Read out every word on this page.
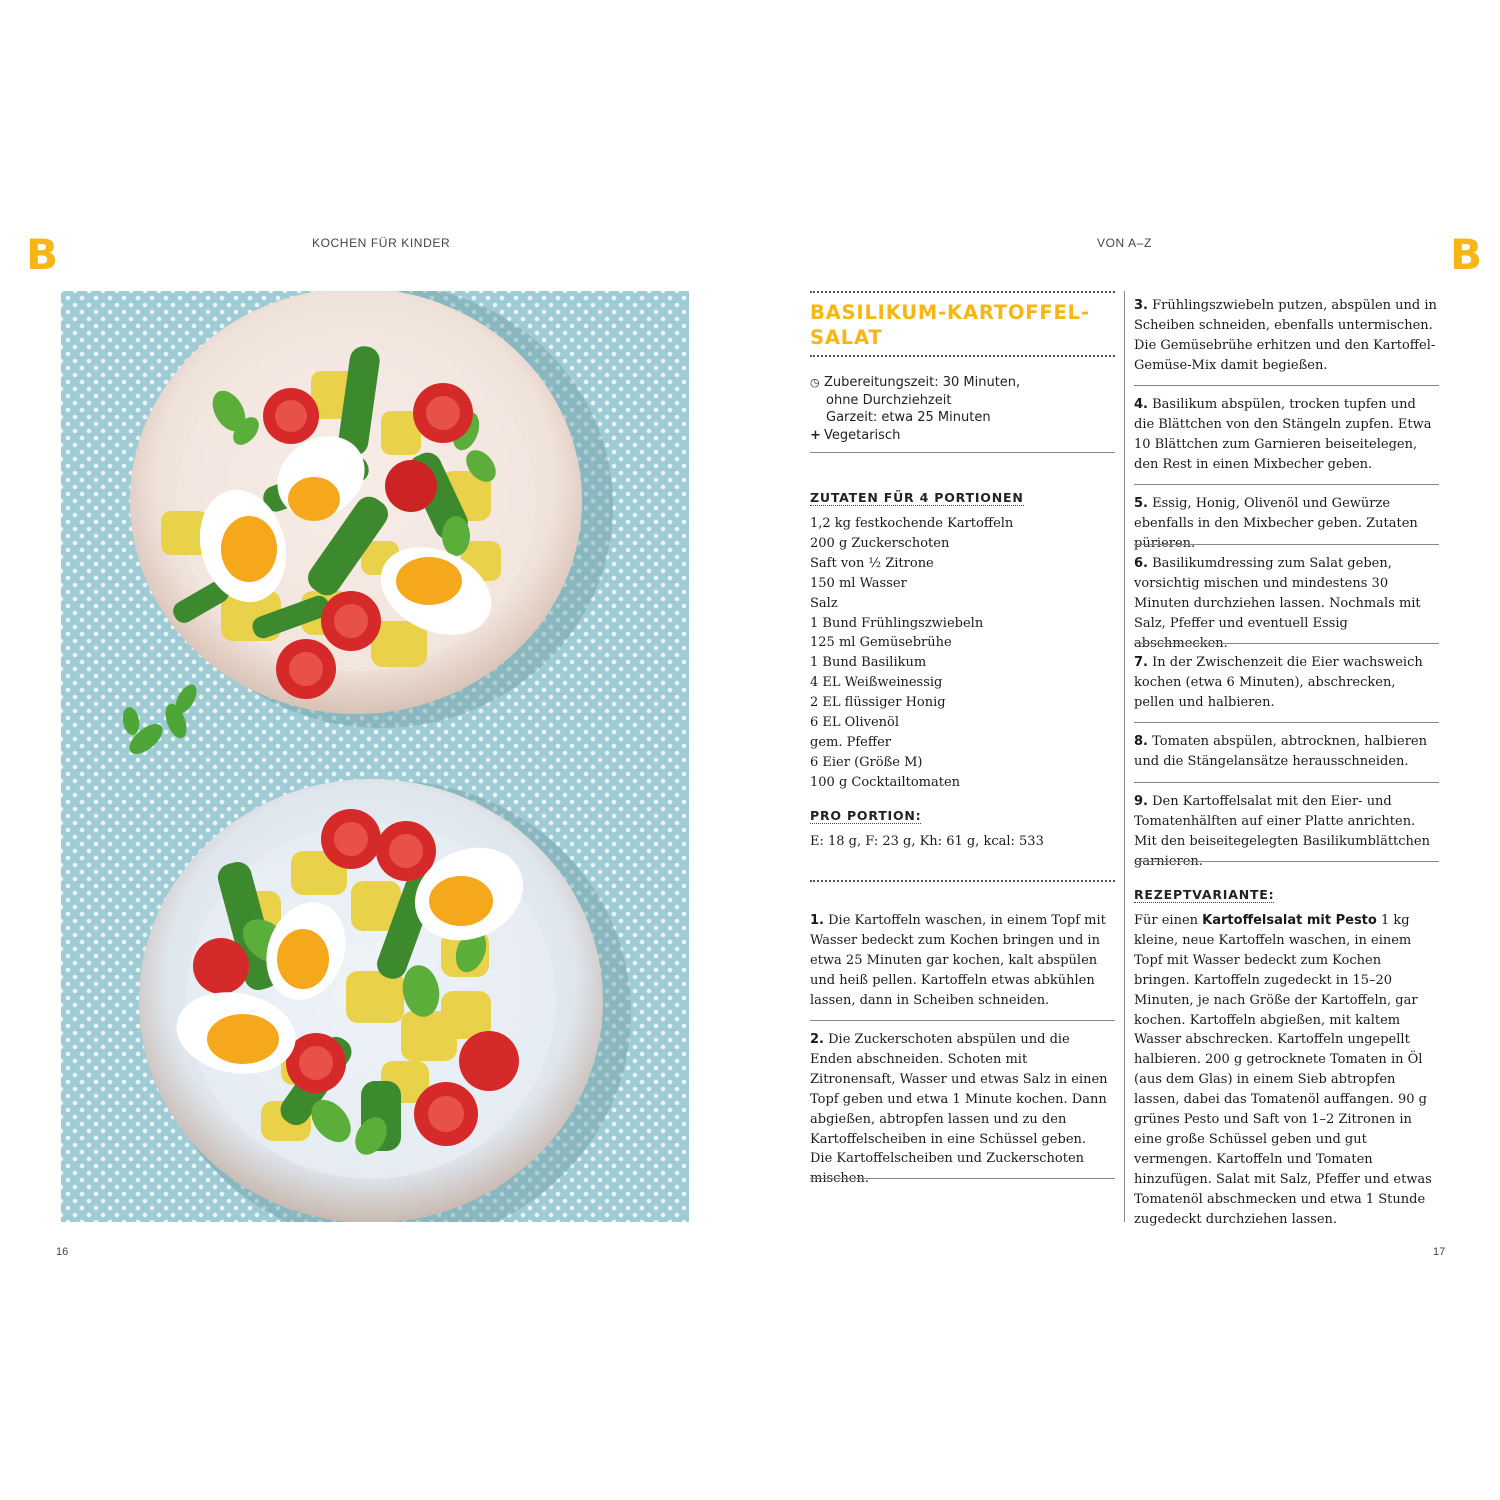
B	B
KOCHEN FÜR KINDER	VON A–Z
BASILIKUM-KARTOFFEL-
SALAT
◷ Zubereitungszeit: 30 Minuten,
ohne Durchziehzeit
Garzeit: etwa 25 Minuten
+ Vegetarisch
ZUTATEN FÜR 4 PORTIONEN
1,2 kg festkochende Kartoffeln
200 g Zuckerschoten
Saft von ½ Zitrone
150 ml Wasser
Salz
1 Bund Frühlingszwiebeln
125 ml Gemüsebrühe
1 Bund Basilikum
4 EL Weißweinessig
2 EL flüssiger Honig
6 EL Olivenöl
gem. Pfeffer
6 Eier (Größe M)
100 g Cocktailtomaten
PRO PORTION:
E: 18 g, F: 23 g, Kh: 61 g, kcal: 533
1. Die Kartoffeln waschen, in einem Topf mit Wasser bedeckt zum Kochen bringen und in etwa 25 Minuten gar kochen, kalt abspülen und heiß pellen. Kartoffeln etwas abkühlen lassen, dann in Scheiben schneiden.
2. Die Zuckerschoten abspülen und die Enden abschneiden. Schoten mit Zitronensaft, Wasser und etwas Salz in einen Topf geben und etwa 1 Minute kochen. Dann abgießen, abtropfen lassen und zu den Kartoffelscheiben in eine Schüssel geben. Die Kartoffelscheiben und Zuckerschoten mischen.
3. Frühlingszwiebeln putzen, abspülen und in Scheiben schneiden, ebenfalls untermischen. Die Gemüsebrühe erhitzen und den Kartoffel-Gemüse-Mix damit begießen.
4. Basilikum abspülen, trocken tupfen und die Blättchen von den Stängeln zupfen. Etwa 10 Blättchen zum Garnieren beiseitelegen, den Rest in einen Mixbecher geben.
5. Essig, Honig, Olivenöl und Gewürze ebenfalls in den Mixbecher geben. Zutaten pürieren.
6. Basilikumdressing zum Salat geben, vorsichtig mischen und mindestens 30 Minuten durchziehen lassen. Nochmals mit Salz, Pfeffer und eventuell Essig abschmecken.
7. In der Zwischenzeit die Eier wachsweich kochen (etwa 6 Minuten), abschrecken, pellen und halbieren.
8. Tomaten abspülen, abtrocknen, halbieren und die Stängelansätze herausschneiden.
9. Den Kartoffelsalat mit den Eier- und Tomatenhälften auf einer Platte anrichten. Mit den beiseitegelegten Basilikumblättchen garnieren.
REZEPTVARIANTE:
Für einen Kartoffelsalat mit Pesto 1 kg kleine, neue Kartoffeln waschen, in einem Topf mit Wasser bedeckt zum Kochen bringen. Kartoffeln zugedeckt in 15–20 Minuten, je nach Größe der Kartoffeln, gar kochen. Kartoffeln abgießen, mit kaltem Wasser abschrecken. Kartoffeln ungepellt halbieren. 200 g getrocknete Tomaten in Öl (aus dem Glas) in einem Sieb abtropfen lassen, dabei das Tomatenöl auffangen. 90 g grünes Pesto und Saft von 1–2 Zitronen in eine große Schüssel geben und gut vermengen. Kartoffeln und Tomaten hinzufügen. Salat mit Salz, Pfeffer und etwas Tomatenöl abschmecken und etwa 1 Stunde zugedeckt durchziehen lassen.
16	17
